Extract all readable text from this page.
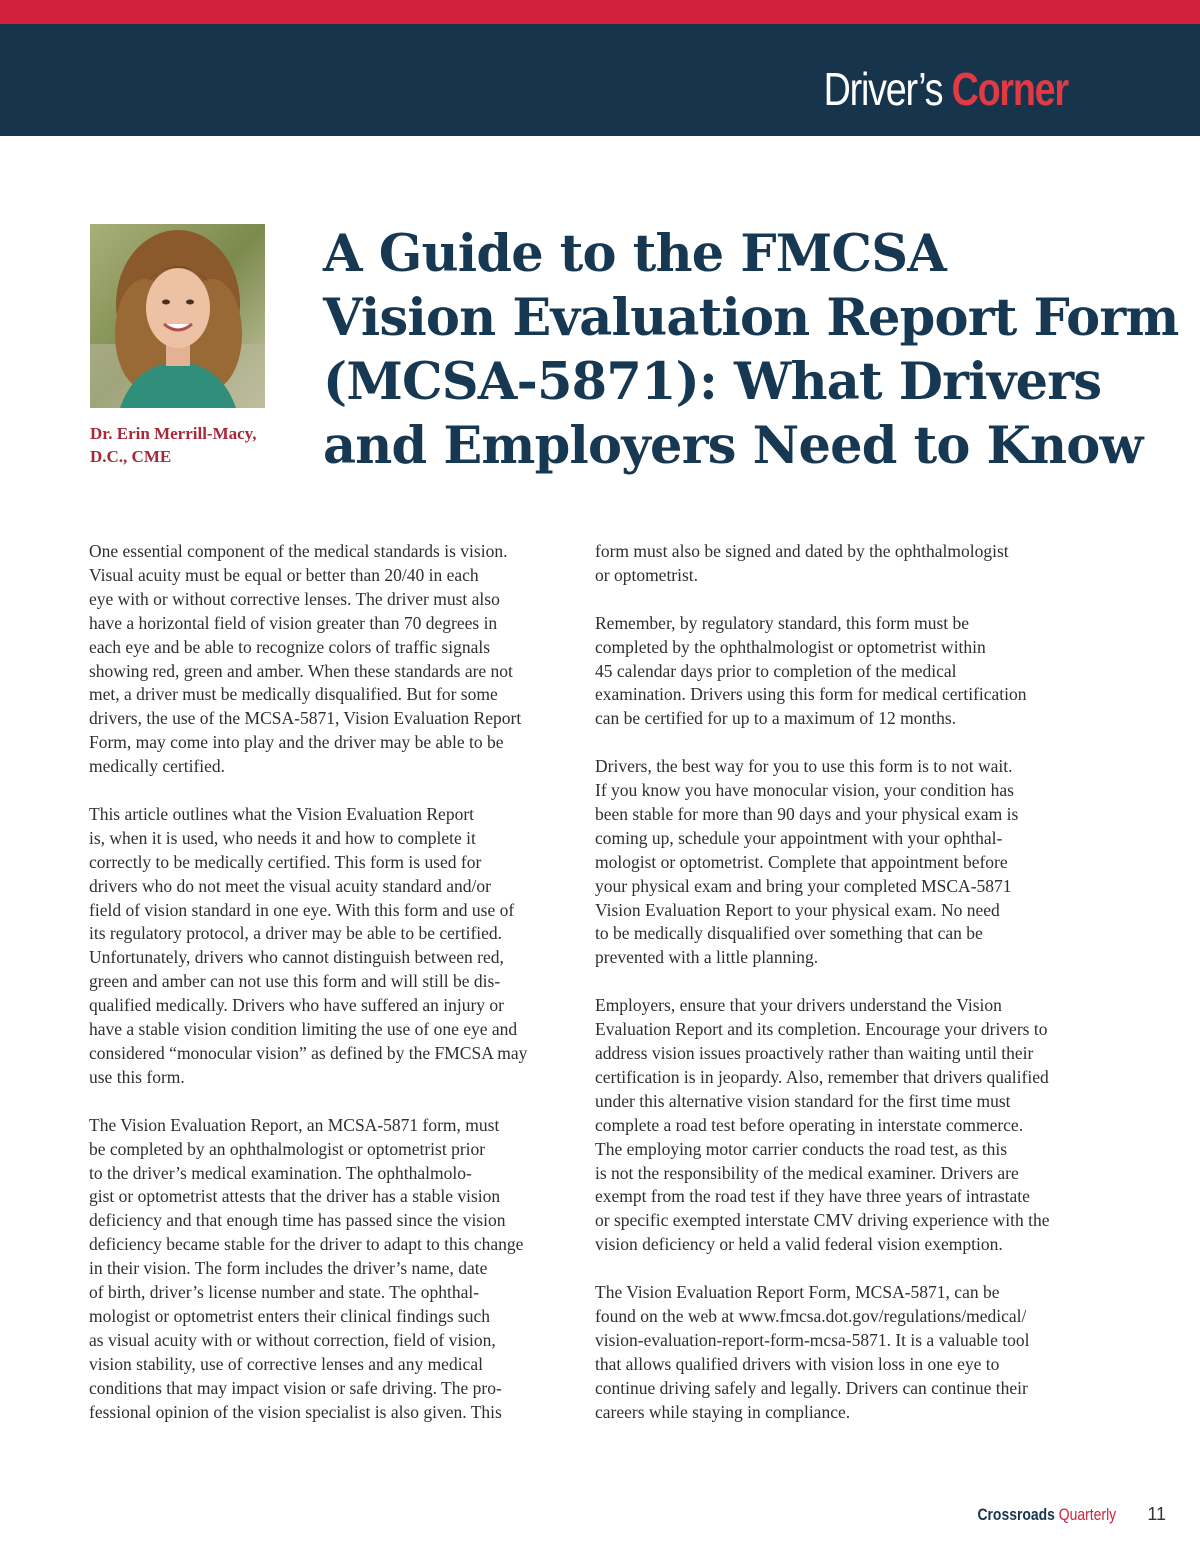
Driver’s Corner
Dr. Erin Merrill-Macy,
D.C., CME
A Guide to the FMCSA
Vision Evaluation Report Form
(MCSA-5871): What Drivers
and Employers Need to Know
One essential component of the medical standards is vision.
Visual acuity must be equal or better than 20/40 in each
eye with or without corrective lenses. The driver must also
have a horizontal field of vision greater than 70 degrees in
each eye and be able to recognize colors of traffic signals
showing red, green and amber. When these standards are not
met, a driver must be medically disqualified. But for some
drivers, the use of the MCSA-5871, Vision Evaluation Report
Form, may come into play and the driver may be able to be
medically certified.
This article outlines what the Vision Evaluation Report
is, when it is used, who needs it and how to complete it
correctly to be medically certified. This form is used for
drivers who do not meet the visual acuity standard and/or
field of vision standard in one eye. With this form and use of
its regulatory protocol, a driver may be able to be certified.
Unfortunately, drivers who cannot distinguish between red,
green and amber can not use this form and will still be dis-
qualified medically. Drivers who have suffered an injury or
have a stable vision condition limiting the use of one eye and
considered “monocular vision” as defined by the FMCSA may
use this form.
The Vision Evaluation Report, an MCSA-5871 form, must
be completed by an ophthalmologist or optometrist prior
to the driver’s medical examination. The ophthalmolo-
gist or optometrist attests that the driver has a stable vision
deficiency and that enough time has passed since the vision
deficiency became stable for the driver to adapt to this change
in their vision. The form includes the driver’s name, date
of birth, driver’s license number and state. The ophthal-
mologist or optometrist enters their clinical findings such
as visual acuity with or without correction, field of vision,
vision stability, use of corrective lenses and any medical
conditions that may impact vision or safe driving. The pro-
fessional opinion of the vision specialist is also given. This
form must also be signed and dated by the ophthalmologist
or optometrist.
Remember, by regulatory standard, this form must be
completed by the ophthalmologist or optometrist within
45 calendar days prior to completion of the medical
examination. Drivers using this form for medical certification
can be certified for up to a maximum of 12 months.
Drivers, the best way for you to use this form is to not wait.
If you know you have monocular vision, your condition has
been stable for more than 90 days and your physical exam is
coming up, schedule your appointment with your ophthal-
mologist or optometrist. Complete that appointment before
your physical exam and bring your completed MSCA-5871
Vision Evaluation Report to your physical exam. No need
to be medically disqualified over something that can be
prevented with a little planning.
Employers, ensure that your drivers understand the Vision
Evaluation Report and its completion. Encourage your drivers to
address vision issues proactively rather than waiting until their
certification is in jeopardy. Also, remember that drivers qualified
under this alternative vision standard for the first time must
complete a road test before operating in interstate commerce.
The employing motor carrier conducts the road test, as this
is not the responsibility of the medical examiner. Drivers are
exempt from the road test if they have three years of intrastate
or specific exempted interstate CMV driving experience with the
vision deficiency or held a valid federal vision exemption.
The Vision Evaluation Report Form, MCSA-5871, can be
found on the web at www.fmcsa.dot.gov/regulations/medical/
vision-evaluation-report-form-mcsa-5871. It is a valuable tool
that allows qualified drivers with vision loss in one eye to
continue driving safely and legally. Drivers can continue their
careers while staying in compliance.
Crossroads Quarterly 11
